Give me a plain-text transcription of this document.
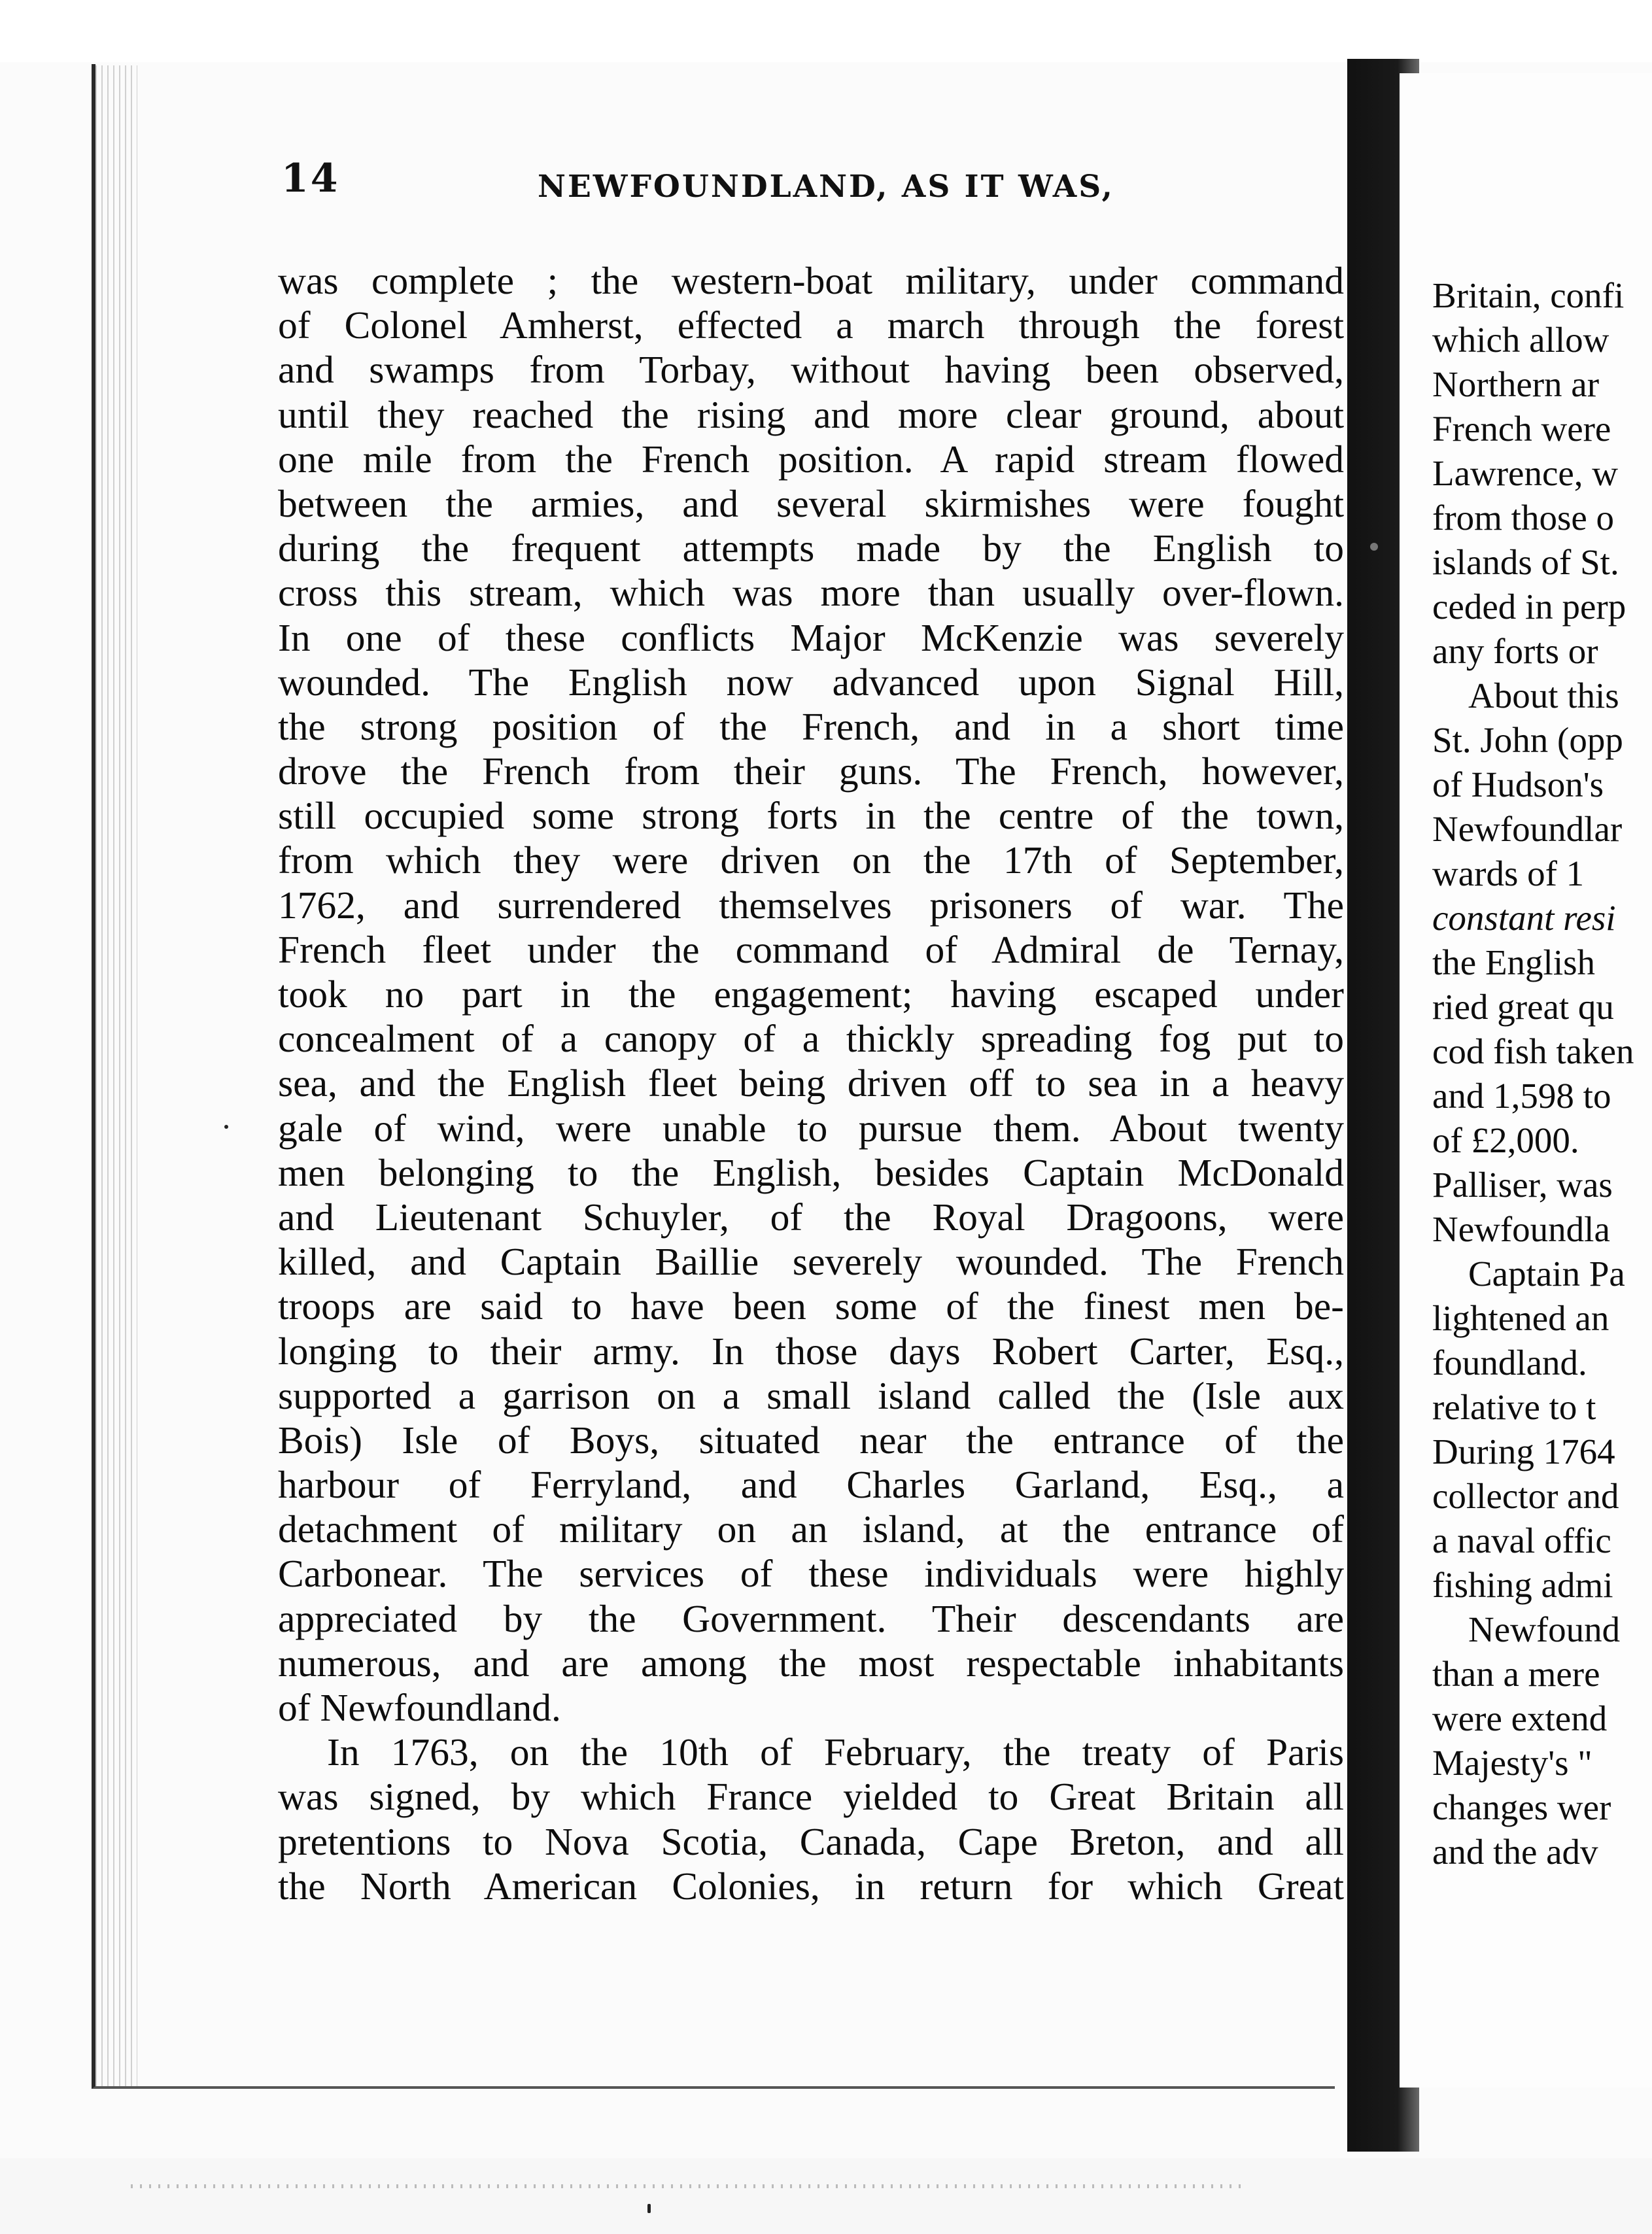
14	NEWFOUNDLAND, AS IT WAS,
was complete ; the western-boat military, under command
of Colonel Amherst, effected a march through the forest
and swamps from Torbay, without having been observed,
until they reached the rising and more clear ground, about
one mile from the French position. A rapid stream flowed
between the armies, and several skirmishes were fought
during the frequent attempts made by the English to
cross this stream, which was more than usually over-flown.
In one of these conflicts Major McKenzie was severely
wounded. The English now advanced upon Signal Hill,
the strong position of the French, and in a short time
drove the French from their guns. The French, however,
still occupied some strong forts in the centre of the town,
from which they were driven on the 17th of September,
1762, and surrendered themselves prisoners of war. The
French fleet under the command of Admiral de Ternay,
took no part in the engagement; having escaped under
concealment of a canopy of a thickly spreading fog put to
sea, and the English fleet being driven off to sea in a heavy
gale of wind, were unable to pursue them. About twenty
men belonging to the English, besides Captain McDonald
and Lieutenant Schuyler, of the Royal Dragoons, were
killed, and Captain Baillie severely wounded. The French
troops are said to have been some of the finest men be-
longing to their army. In those days Robert Carter, Esq.,
supported a garrison on a small island called the (Isle aux
Bois) Isle of Boys, situated near the entrance of the
harbour of Ferryland, and Charles Garland, Esq., a
detachment of military on an island, at the entrance of
Carbonear. The services of these individuals were highly
appreciated by the Government. Their descendants are
numerous, and are among the most respectable inhabitants
of Newfoundland.
In 1763, on the 10th of February, the treaty of Paris
was signed, by which France yielded to Great Britain all
pretentions to Nova Scotia, Canada, Cape Breton, and all
the North American Colonies, in return for which Great
Britain, confi
which allow
Northern ar
French were
Lawrence, w
from those o
islands of St.
ceded in perp
any forts or
About this
St. John (opp
of Hudson's
Newfoundlar
wards of 1
constant resi
the English
ried great qu
cod fish taken
and 1,598 to
of £2,000.
Palliser, was
Newfoundla
Captain Pa
lightened an
foundland.
relative to t
During 1764
collector and
a naval offic
fishing admi
Newfound
than a mere
were extend
Majesty's "
changes wer
and the adv
